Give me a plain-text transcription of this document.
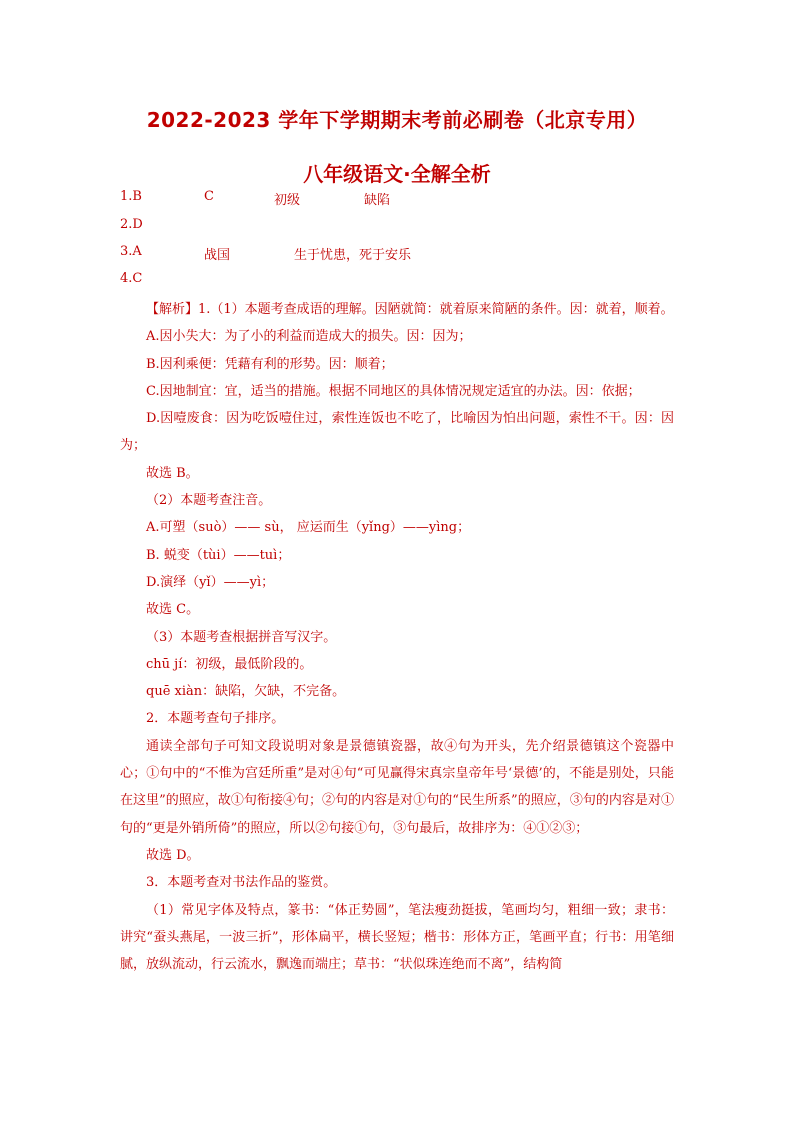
2022-2023 学年下学期期末考前必刷卷（北京专用）
八年级语文·全解全析
1.B	C	初级	缺陷
2.D
3.A	战国	生于忧患，死于安乐
4.C

【解析】1.（1）本题考查成语的理解。因陋就简：就着原来简陋的条件。因：就着，顺着。

A.因小失大：为了小的利益而造成大的损失。因：因为；

B.因利乘便：凭藉有利的形势。因：顺着；

C.因地制宜：宜，适当的措施。根据不同地区的具体情况规定适宜的办法。因：依据；

D.因噎废食：因为吃饭噎住过，索性连饭也不吃了，比喻因为怕出问题，索性不干。因：因为；

故选 B。

（2）本题考查注音。

A.可塑（suò）—— sù， 应运而生（yǐng）——yìng；

B. 蜕变（tùi）——tuì；

D.演绎（yǐ）——yì；

故选 C。

（3）本题考查根据拼音写汉字。

chū jí：初级，最低阶段的。

quē xiàn：缺陷，欠缺，不完备。

2．本题考查句子排序。

通读全部句子可知文段说明对象是景德镇瓷器，故④句为开头，先介绍景德镇这个瓷器中心；①句中的“不惟为宫廷所重”是对④句“可见赢得宋真宗皇帝年号‘景德’的，不能是别处，只能在这里”的照应，故①句衔接④句；②句的内容是对①句的“民生所系”的照应，③句的内容是对①句的“更是外销所倚”的照应，所以②句接①句，③句最后，故排序为：④①②③；

故选 D。

3．本题考查对书法作品的鉴赏。

（1）常见字体及特点，篆书：“体正势圆”，笔法瘦劲挺拔，笔画均匀，粗细一致；隶书：讲究“蚕头燕尾，一波三折”，形体扁平，横长竖短；楷书：形体方正，笔画平直；行书：用笔细腻，放纵流动，行云流水，飘逸而端庄；草书：“状似珠连绝而不离”，结构简
